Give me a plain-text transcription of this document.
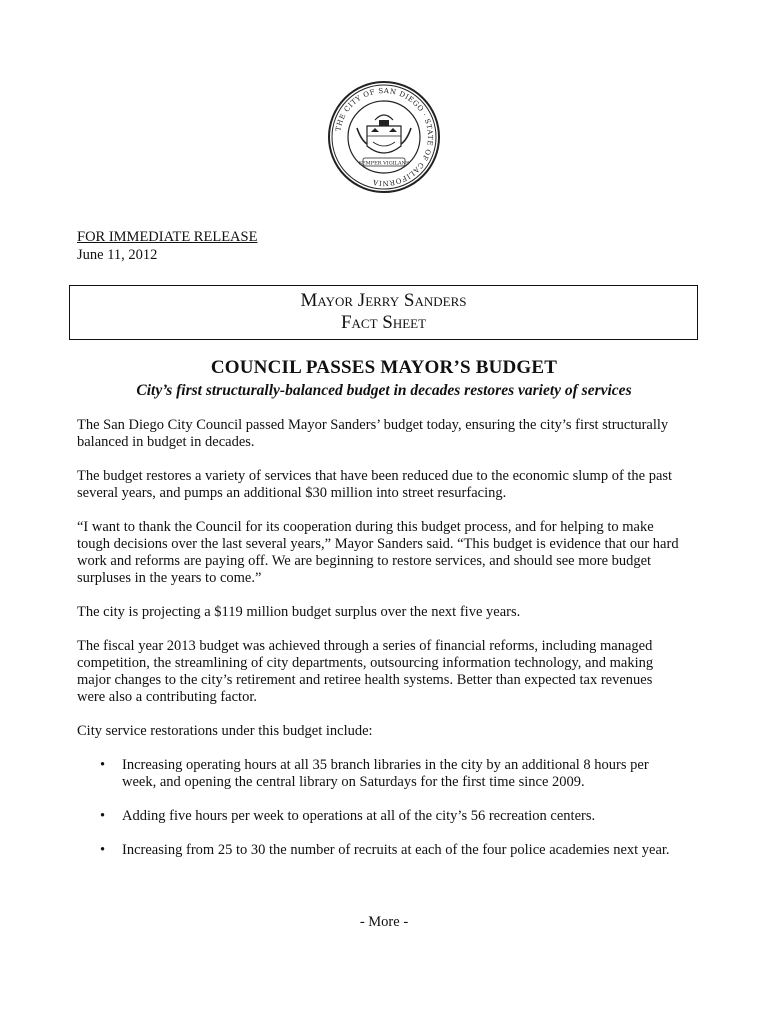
THE CITY OF SAN DIEGO · STATE OF CALIFORNIA
SEMPER VIGILANS
FOR IMMEDIATE RELEASE
June 11, 2012
Mayor Jerry Sanders
Fact Sheet
COUNCIL PASSES MAYOR’S BUDGET
City’s first structurally-balanced budget in decades restores variety of services

The San Diego City Council passed Mayor Sanders’ budget today, ensuring the city’s first structurally balanced in budget in decades.

The budget restores a variety of services that have been reduced due to the economic slump of the past several years, and pumps an additional $30 million into street resurfacing.

“I want to thank the Council for its cooperation during this budget process, and for helping to make tough decisions over the last several years,” Mayor Sanders said. “This budget is evidence that our hard work and reforms are paying off. We are beginning to restore services, and should see more budget surpluses in the years to come.”

The city is projecting a $119 million budget surplus over the next five years.

The fiscal year 2013 budget was achieved through a series of financial reforms, including managed competition, the streamlining of city departments, outsourcing information technology, and making major changes to the city’s retirement and retiree health systems. Better than expected tax revenues were also a contributing factor.

City service restorations under this budget include:

• Increasing operating hours at all 35 branch libraries in the city by an additional 8 hours per week, and opening the central library on Saturdays for the first time since 2009.
• Adding five hours per week to operations at all of the city’s 56 recreation centers.
• Increasing from 25 to 30 the number of recruits at each of the four police academies next year.
- More -
